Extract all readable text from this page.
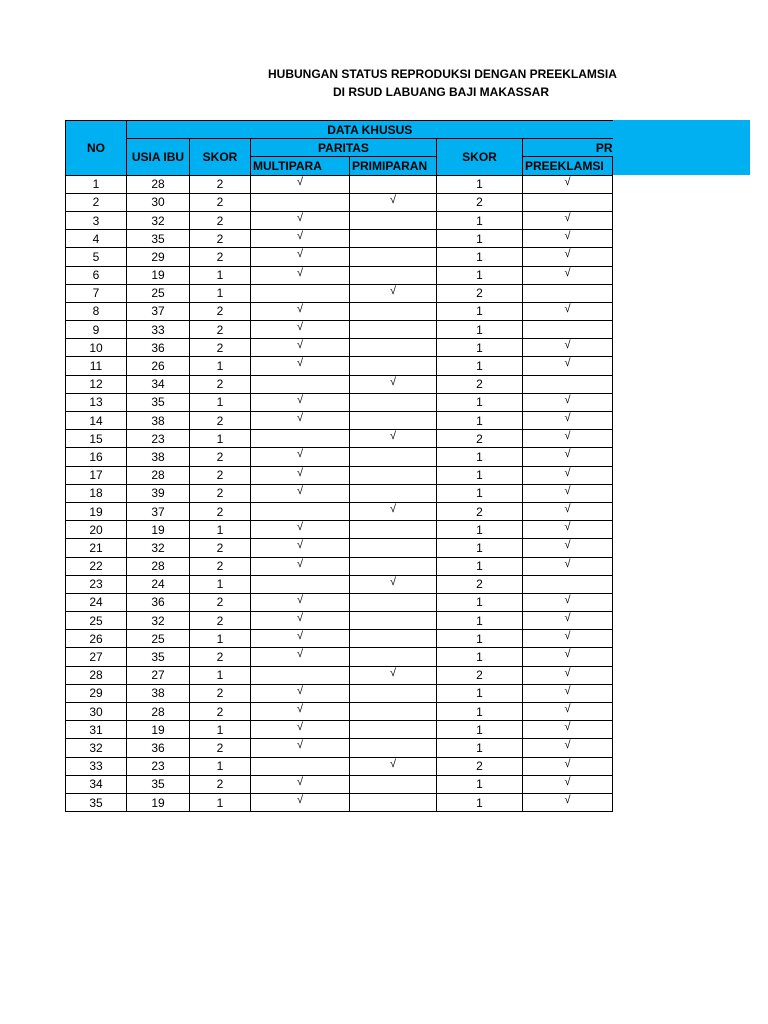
HUBUNGAN STATUS REPRODUKSI DENGAN PREEKLAMSIA
DI RSUD LABUANG BAJI MAKASSAR
NO	DATA KHUSUS					
	USIA IBU	SKOR	PARITAS		SKOR	PR
			MULTIPARA	PRIMIPARAN		PREEKLAMSI
1	28	2	√		1	√
2	30	2		√	2	
3	32	2	√		1	√
4	35	2	√		1	√
5	29	2	√		1	√
6	19	1	√		1	√
7	25	1		√	2	
8	37	2	√		1	√
9	33	2	√		1	
10	36	2	√		1	√
11	26	1	√		1	√
12	34	2		√	2	
13	35	1	√		1	√
14	38	2	√		1	√
15	23	1		√	2	√
16	38	2	√		1	√
17	28	2	√		1	√
18	39	2	√		1	√
19	37	2		√	2	√
20	19	1	√		1	√
21	32	2	√		1	√
22	28	2	√		1	√
23	24	1		√	2	
24	36	2	√		1	√
25	32	2	√		1	√
26	25	1	√		1	√
27	35	2	√		1	√
28	27	1		√	2	√
29	38	2	√		1	√
30	28	2	√		1	√
31	19	1	√		1	√
32	36	2	√		1	√
33	23	1		√	2	√
34	35	2	√		1	√
35	19	1	√		1	√
